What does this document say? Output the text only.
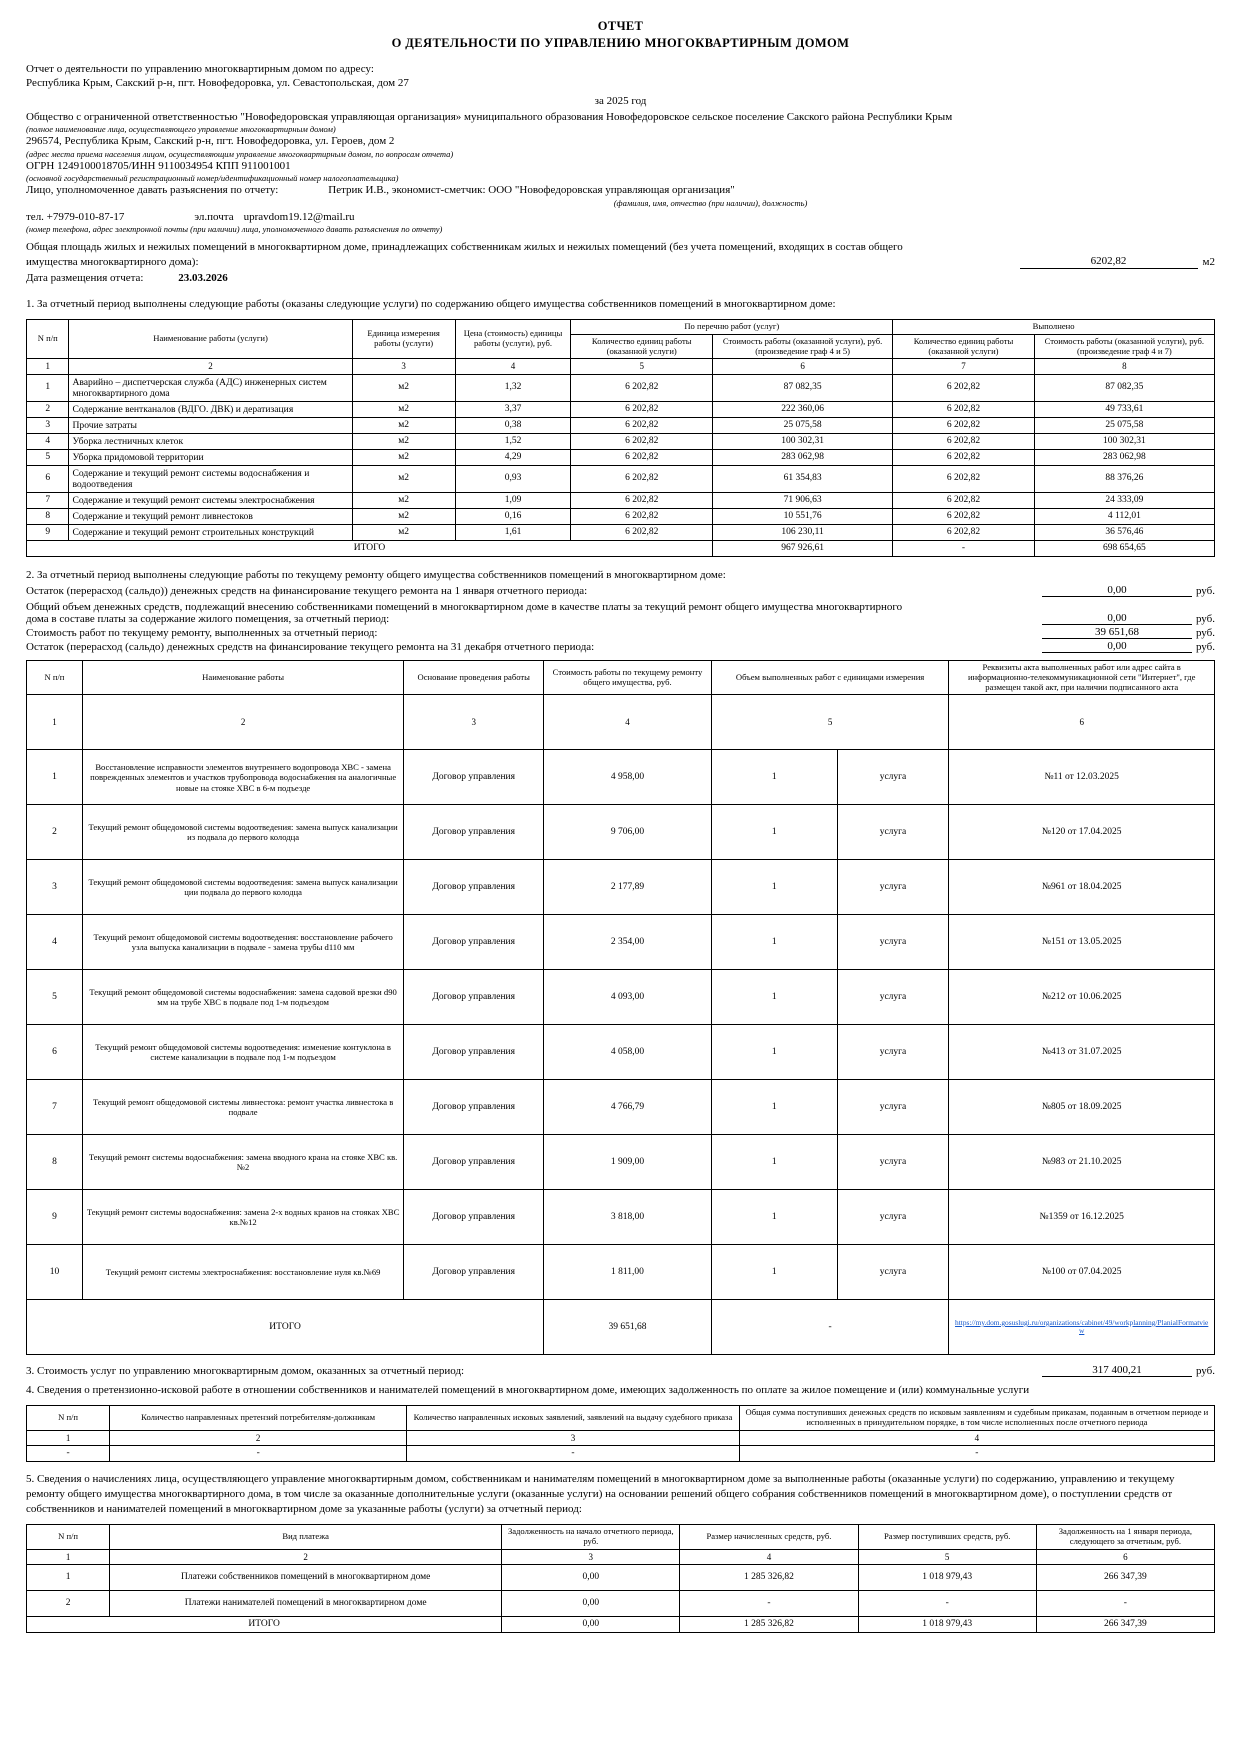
ОТЧЕТ
О ДЕЯТЕЛЬНОСТИ ПО УПРАВЛЕНИЮ МНОГОКВАРТИРНЫМ ДОМОМ
Отчет о деятельности по управлению многоквартирным домом по адресу:
Республика Крым, Сакский р-н, пгт. Новофедоровка, ул. Севастопольская, дом 27
за 2025 год
Общество с ограниченной ответственностью "Новофедоровская управляющая организация» муниципального образования Новофедоровское сельское поселение Сакского района Республики Крым
(полное наименование лица, осуществляющего управление многоквартирным домом)
296574, Республика Крым, Сакский р-н, пгт. Новофедоровка, ул. Героев, дом 2
(адрес места приема населения лицом, осуществляющим управление многоквартирным домом, по вопросам отчета)
ОГРН 1249100018705/ИНН 9110034954 КПП 911001001
(основной государственный регистрационный номер/идентификационный номер налогоплательщика)
Лицо, уполномоченное давать разъяснения по отчету:	Петрик И.В., экономист-сметчик: ООО "Новофедоровская управляющая организация"
(фамилия, имя, отчество (при наличии), должность)
тел. +7979-010-87-17	эл.почта upravdom19.12@mail.ru
(номер телефона, адрес электронной почты (при наличии) лица, уполномоченного давать разъяснения по отчету)
Общая площадь жилых и нежилых помещений в многоквартирном доме, принадлежащих собственникам жилых и нежилых помещений (без учета помещений, входящих в состав общего имущества многоквартирного дома):	6202,82	м2
Дата размещения отчета:	23.03.2026
1. За отчетный период выполнены следующие работы (оказаны следующие услуги) по содержанию общего имущества собственников помещений в многоквартирном доме:
N п/п	Наименование работы (услуги)	Единица измерения работы (услуги)	Цена (стоимость) единицы работы (услуги), руб.	По перечню работ (услуг)		Выполнено	
				Количество единиц работы (оказанной услуги)	Стоимость работы (оказанной услуги), руб. (произведение граф 4 и 5)	Количество единиц работы (оказанной услуги)	Стоимость работы (оказанной услуги), руб. (произведение граф 4 и 7)
1	2	3	4	5	6	7	8
1	Аварийно – диспетчерская служба (АДС) инженерных систем многоквартирного дома	м2	1,32	6 202,82	87 082,35	6 202,82	87 082,35
2	Содержание вентканалов (ВДГО. ДВК) и дератизация	м2	3,37	6 202,82	222 360,06	6 202,82	49 733,61
3	Прочие затраты	м2	0,38	6 202,82	25 075,58	6 202,82	25 075,58
4	Уборка лестничных клеток	м2	1,52	6 202,82	100 302,31	6 202,82	100 302,31
5	Уборка придомовой территории	м2	4,29	6 202,82	283 062,98	6 202,82	283 062,98
6	Содержание и текущий ремонт системы водоснабжения и водоотведения	м2	0,93	6 202,82	61 354,83	6 202,82	88 376,26
7	Содержание и текущий ремонт системы электроснабжения	м2	1,09	6 202,82	71 906,63	6 202,82	24 333,09
8	Содержание и текущий ремонт ливнестоков	м2	0,16	6 202,82	10 551,76	6 202,82	4 112,01
9	Содержание и текущий ремонт строительных конструкций	м2	1,61	6 202,82	106 230,11	6 202,82	36 576,46
ИТОГО					967 926,61	-	698 654,65
2. За отчетный период выполнены следующие работы по текущему ремонту общего имущества собственников помещений в многоквартирном доме:
Остаток (перерасход (сальдо)) денежных средств на финансирование текущего ремонта на 1 января отчетного периода:	0,00	руб.
Общий объем денежных средств, подлежащий внесению собственниками помещений в многоквартирном доме в качестве платы за текущий ремонт общего имущества многоквартирного дома в составе платы за содержание жилого помещения, за отчетный период:	0,00	руб.
Стоимость работ по текущему ремонту, выполненных за отчетный период:	39 651,68	руб.
Остаток (перерасход (сальдо) денежных средств на финансирование текущего ремонта на 31 декабря отчетного периода:	0,00	руб.
N п/п	Наименование работы	Основание проведения работы	Стоимость работы по текущему ремонту общего имущества, руб.	Объем выполненных работ с единицами измерения		Реквизиты акта выполненных работ или адрес сайта в информационно-телекоммуникационной сети "Интернет", где размещен такой акт, при наличии подписанного акта
1	2	3	4	5		6
1	Восстановление исправности элементов внутреннего водопровода ХВС - замена поврежденных элементов и участков трубопровода водоснабжения на аналогичные новые на стояке ХВС в 6-м подъезде	Договор управления	4 958,00	1	услуга	№11 от 12.03.2025
2	Текущий ремонт общедомовой системы водоотведения: замена выпуск канализации из подвала до первого колодца	Договор управления	9 706,00	1	услуга	№120 от 17.04.2025
3	Текущий ремонт общедомовой системы водоотведения: замена выпуск канализации ции подвала до первого колодца	Договор управления	2 177,89	1	услуга	№961 от 18.04.2025
4	Текущий ремонт общедомовой системы водоотведения: восстановление рабочего узла выпуска канализации в подвале - замена трубы d110 мм	Договор управления	2 354,00	1	услуга	№151 от 13.05.2025
5	Текущий ремонт общедомовой системы водоснабжения: замена садовой врезки d90 мм на трубе ХВС в подвале под 1-м подъездом	Договор управления	4 093,00	1	услуга	№212 от 10.06.2025
6	Текущий ремонт общедомовой системы водоотведения: изменение контуклона в системе канализации в подвале под 1-м подъездом	Договор управления	4 058,00	1	услуга	№413 от 31.07.2025
7	Текущий ремонт общедомовой системы ливнестока: ремонт участка ливнестока в подвале	Договор управления	4 766,79	1	услуга	№805 от 18.09.2025
8	Текущий ремонт системы водоснабжения: замена вводного крана на стояке ХВС кв.№2	Договор управления	1 909,00	1	услуга	№983 от 21.10.2025
9	Текущий ремонт системы водоснабжения: замена 2-х водных кранов на стояках ХВС кв.№12	Договор управления	3 818,00	1	услуга	№1359 от 16.12.2025
10	Текущий ремонт системы электроснабжения: восстановление нуля кв.№69	Договор управления	1 811,00	1	услуга	№100 от 07.04.2025
ИТОГО			39 651,68	-		https://my.dom.gosuslugi.ru/organizations/cabinet/49/workplanning/PlanialFormatview
3. Стоимость услуг по управлению многоквартирным домом, оказанных за отчетный период:	317 400,21	руб.
4. Сведения о претензионно-исковой работе в отношении собственников и нанимателей помещений в многоквартирном доме, имеющих задолженность по оплате за жилое помещение и (или) коммунальные услуги
N п/п	Количество направленных претензий потребителям-должникам	Количество направленных исковых заявлений, заявлений на выдачу судебного приказа	Общая сумма поступивших денежных средств по исковым заявлениям и судебным приказам, поданным в отчетном периоде и исполненных в принудительном порядке, в том числе исполненных после отчетного периода
1	2	3	4
-	-	-	-
5. Сведения о начислениях лица, осуществляющего управление многоквартирным домом, собственникам и нанимателям помещений в многоквартирном доме за выполненные работы (оказанные услуги) по содержанию, управлению и текущему ремонту общего имущества многоквартирного дома, в том числе за оказанные дополнительные услуги (оказанные услуги) на основании решений общего собрания собственников помещений в многоквартирном доме), о поступлении средств от собственников и нанимателей помещений в многоквартирном доме за указанные работы (услуги) за отчетный период:
N п/п	Вид платежа	Задолженность на начало отчетного периода, руб.	Размер начисленных средств, руб.	Размер поступивших средств, руб.	Задолженность на 1 января периода, следующего за отчетным, руб.
1	2	3	4	5	6
1	Платежи собственников помещений в многоквартирном доме	0,00	1 285 326,82	1 018 979,43	266 347,39
2	Платежи нанимателей помещений в многоквартирном доме	0,00	-	-	-
ИТОГО		0,00	1 285 326,82	1 018 979,43	266 347,39
